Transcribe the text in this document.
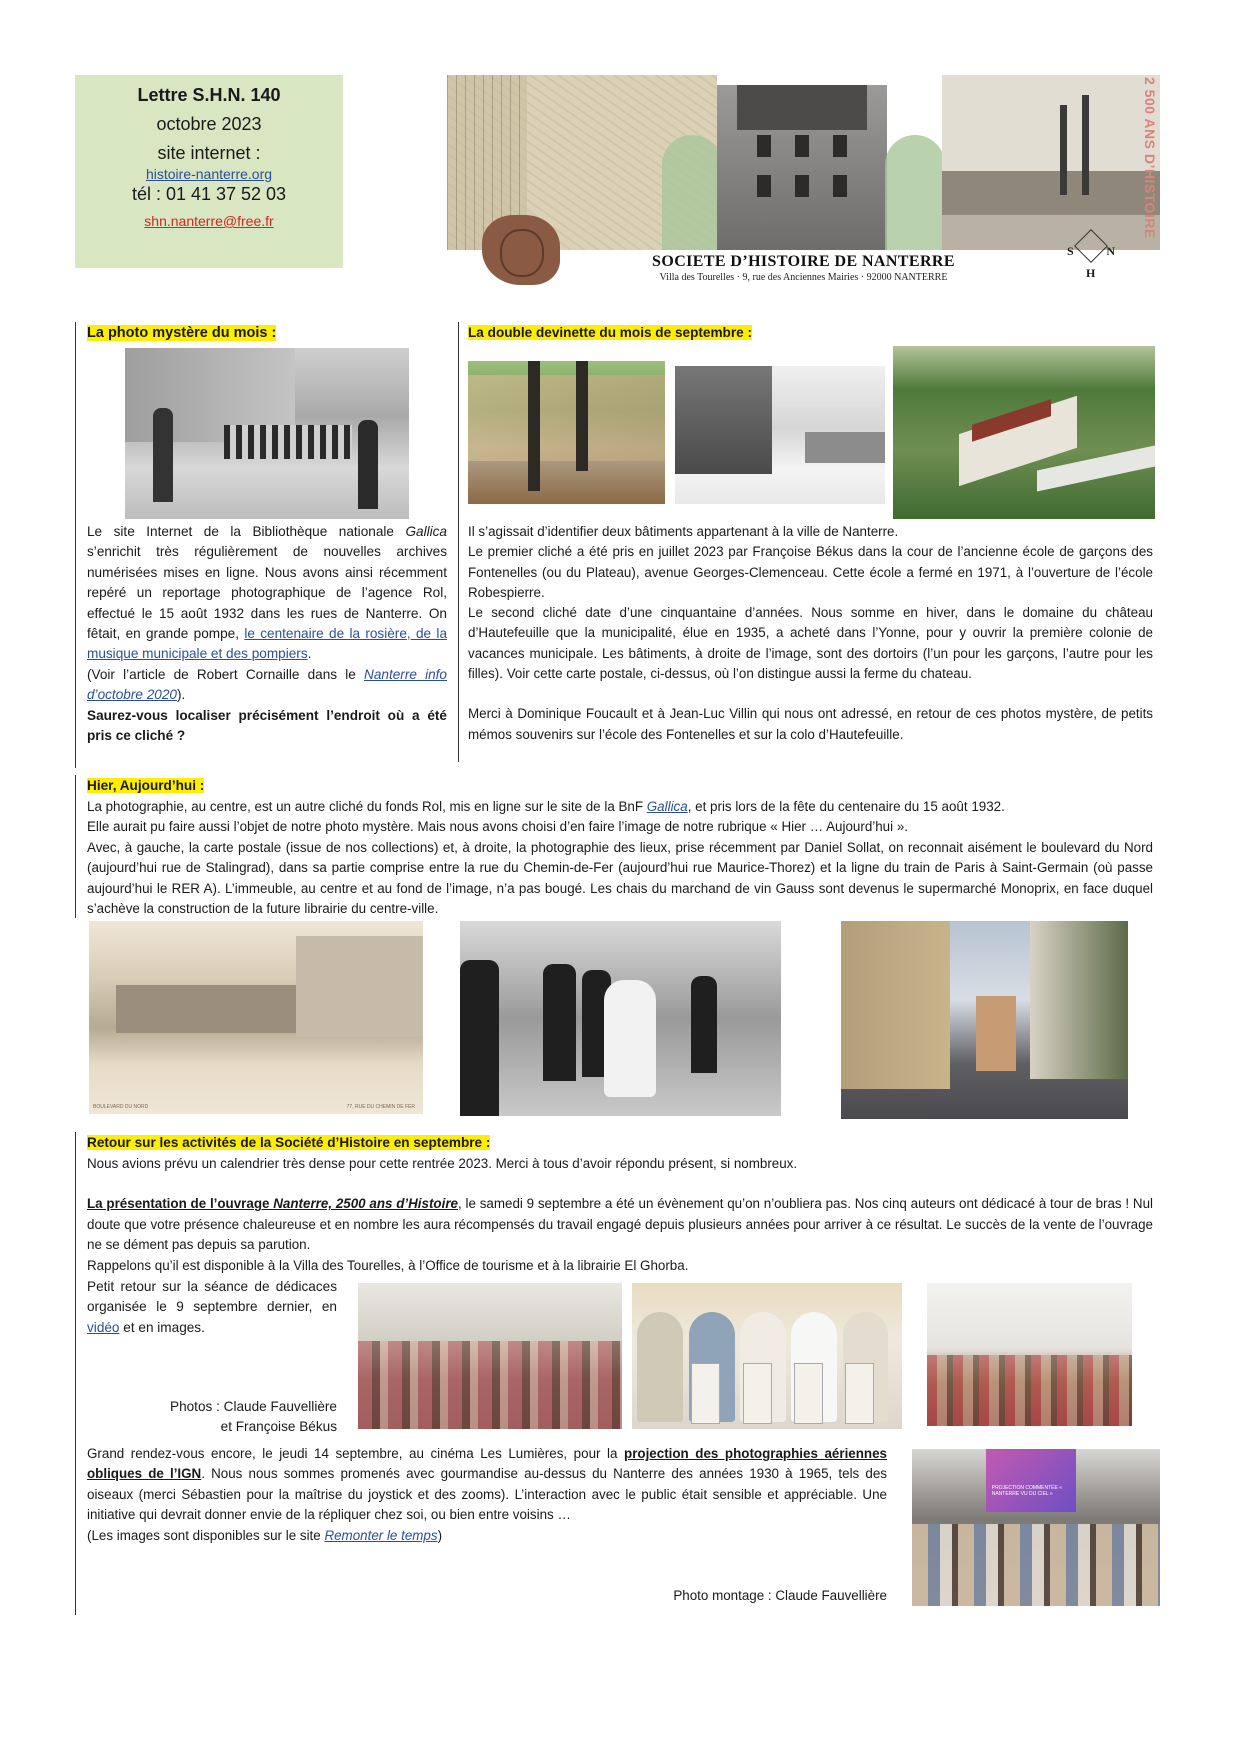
Lettre S.H.N. 140
octobre 2023
site internet :
histoire-nanterre.org
tél : 01 41 37 52 03
shn.nanterre@free.fr
SOCIETE D’HISTOIRE DE NANTERRE
Villa des Tourelles · 9, rue des Anciennes Mairies · 92000 NANTERRE
2 500 ANS D’HISTOIRE
S	N
H
La photo mystère du mois :
Le site Internet de la Bibliothèque nationale Gallica s’enrichit très régulièrement de nouvelles archives numérisées mises en ligne. Nous avons ainsi récemment repéré un reportage photographique de l’agence Rol, effectué le 15 août 1932 dans les rues de Nanterre. On fêtait, en grande pompe, le centenaire de la rosière, de la musique municipale et des pompiers.
(Voir l’article de Robert Cornaille dans le Nanterre info d’octobre 2020).
Saurez-vous localiser précisément l’endroit où a été pris ce cliché ?
La double devinette du mois de septembre :
Il s’agissait d’identifier deux bâtiments appartenant à la ville de Nanterre.
Le premier cliché a été pris en juillet 2023 par Françoise Békus dans la cour de l’ancienne école de garçons des Fontenelles (ou du Plateau), avenue Georges-Clemenceau. Cette école a fermé en 1971, à l’ouverture de l’école Robespierre.
Le second cliché date d’une cinquantaine d’années. Nous somme en hiver, dans le domaine du château d’Hautefeuille que la municipalité, élue en 1935, a acheté dans l’Yonne, pour y ouvrir la première colonie de vacances municipale. Les bâtiments, à droite de l’image, sont des dortoirs (l’un pour les garçons, l’autre pour les filles). Voir cette carte postale, ci-dessus, où l’on distingue aussi la ferme du chateau.
Merci à Dominique Foucault et à Jean-Luc Villin qui nous ont adressé, en retour de ces photos mystère, de petits mémos souvenirs sur l’école des Fontenelles et sur la colo d’Hautefeuille.
Hier, Aujourd’hui :
La photographie, au centre, est un autre cliché du fonds Rol, mis en ligne sur le site de la BnF Gallica, et pris lors de la fête du centenaire du 15 août 1932.
Elle aurait pu faire aussi l’objet de notre photo mystère. Mais nous avons choisi d’en faire l’image de notre rubrique « Hier … Aujourd’hui ».
Avec, à gauche, la carte postale (issue de nos collections) et, à droite, la photographie des lieux, prise récemment par Daniel Sollat, on reconnait aisément le boulevard du Nord (aujourd’hui rue de Stalingrad), dans sa partie comprise entre la rue du Chemin-de-Fer (aujourd’hui rue Maurice-Thorez) et la ligne du train de Paris à Saint-Germain (où passe aujourd’hui le RER A). L’immeuble, au centre et au fond de l’image, n’a pas bougé. Les chais du marchand de vin Gauss sont devenus le supermarché Monoprix, en face duquel s’achève la construction de la future librairie du centre-ville.
BOULEVARD DU NORD	77, RUE DU CHEMIN DE FER
Retour sur les activités de la Société d’Histoire en septembre :
Nous avions prévu un calendrier très dense pour cette rentrée 2023. Merci à tous d’avoir répondu présent, si nombreux.
La présentation de l’ouvrage Nanterre, 2500 ans d’Histoire, le samedi 9 septembre a été un évènement qu’on n’oubliera pas. Nos cinq auteurs ont dédicacé à tour de bras ! Nul doute que votre présence chaleureuse et en nombre les aura récompensés du travail engagé depuis plusieurs années pour arriver à ce résultat. Le succès de la vente de l’ouvrage ne se dément pas depuis sa parution.
Rappelons qu’il est disponible à la Villa des Tourelles, à l’Office de tourisme et à la librairie El Ghorba.
Petit retour sur la séance de dédicaces organisée le 9 septembre dernier, en vidéo et en images.
Photos : Claude Fauvellière
et Françoise Békus
Grand rendez-vous encore, le jeudi 14 septembre, au cinéma Les Lumières, pour la projection des photographies aériennes obliques de l’IGN. Nous nous sommes promenés avec gourmandise au-dessus du Nanterre des années 1930 à 1965, tels des oiseaux (merci Sébastien pour la maîtrise du joystick et des zooms). L’interaction avec le public était sensible et appréciable. Une initiative qui devrait donner envie de la répliquer chez soi, ou bien entre voisins …
(Les images sont disponibles sur le site Remonter le temps)
Photo montage : Claude Fauvellière
PROJECTION COMMENTÉE « NANTERRE VU DU CIEL »
